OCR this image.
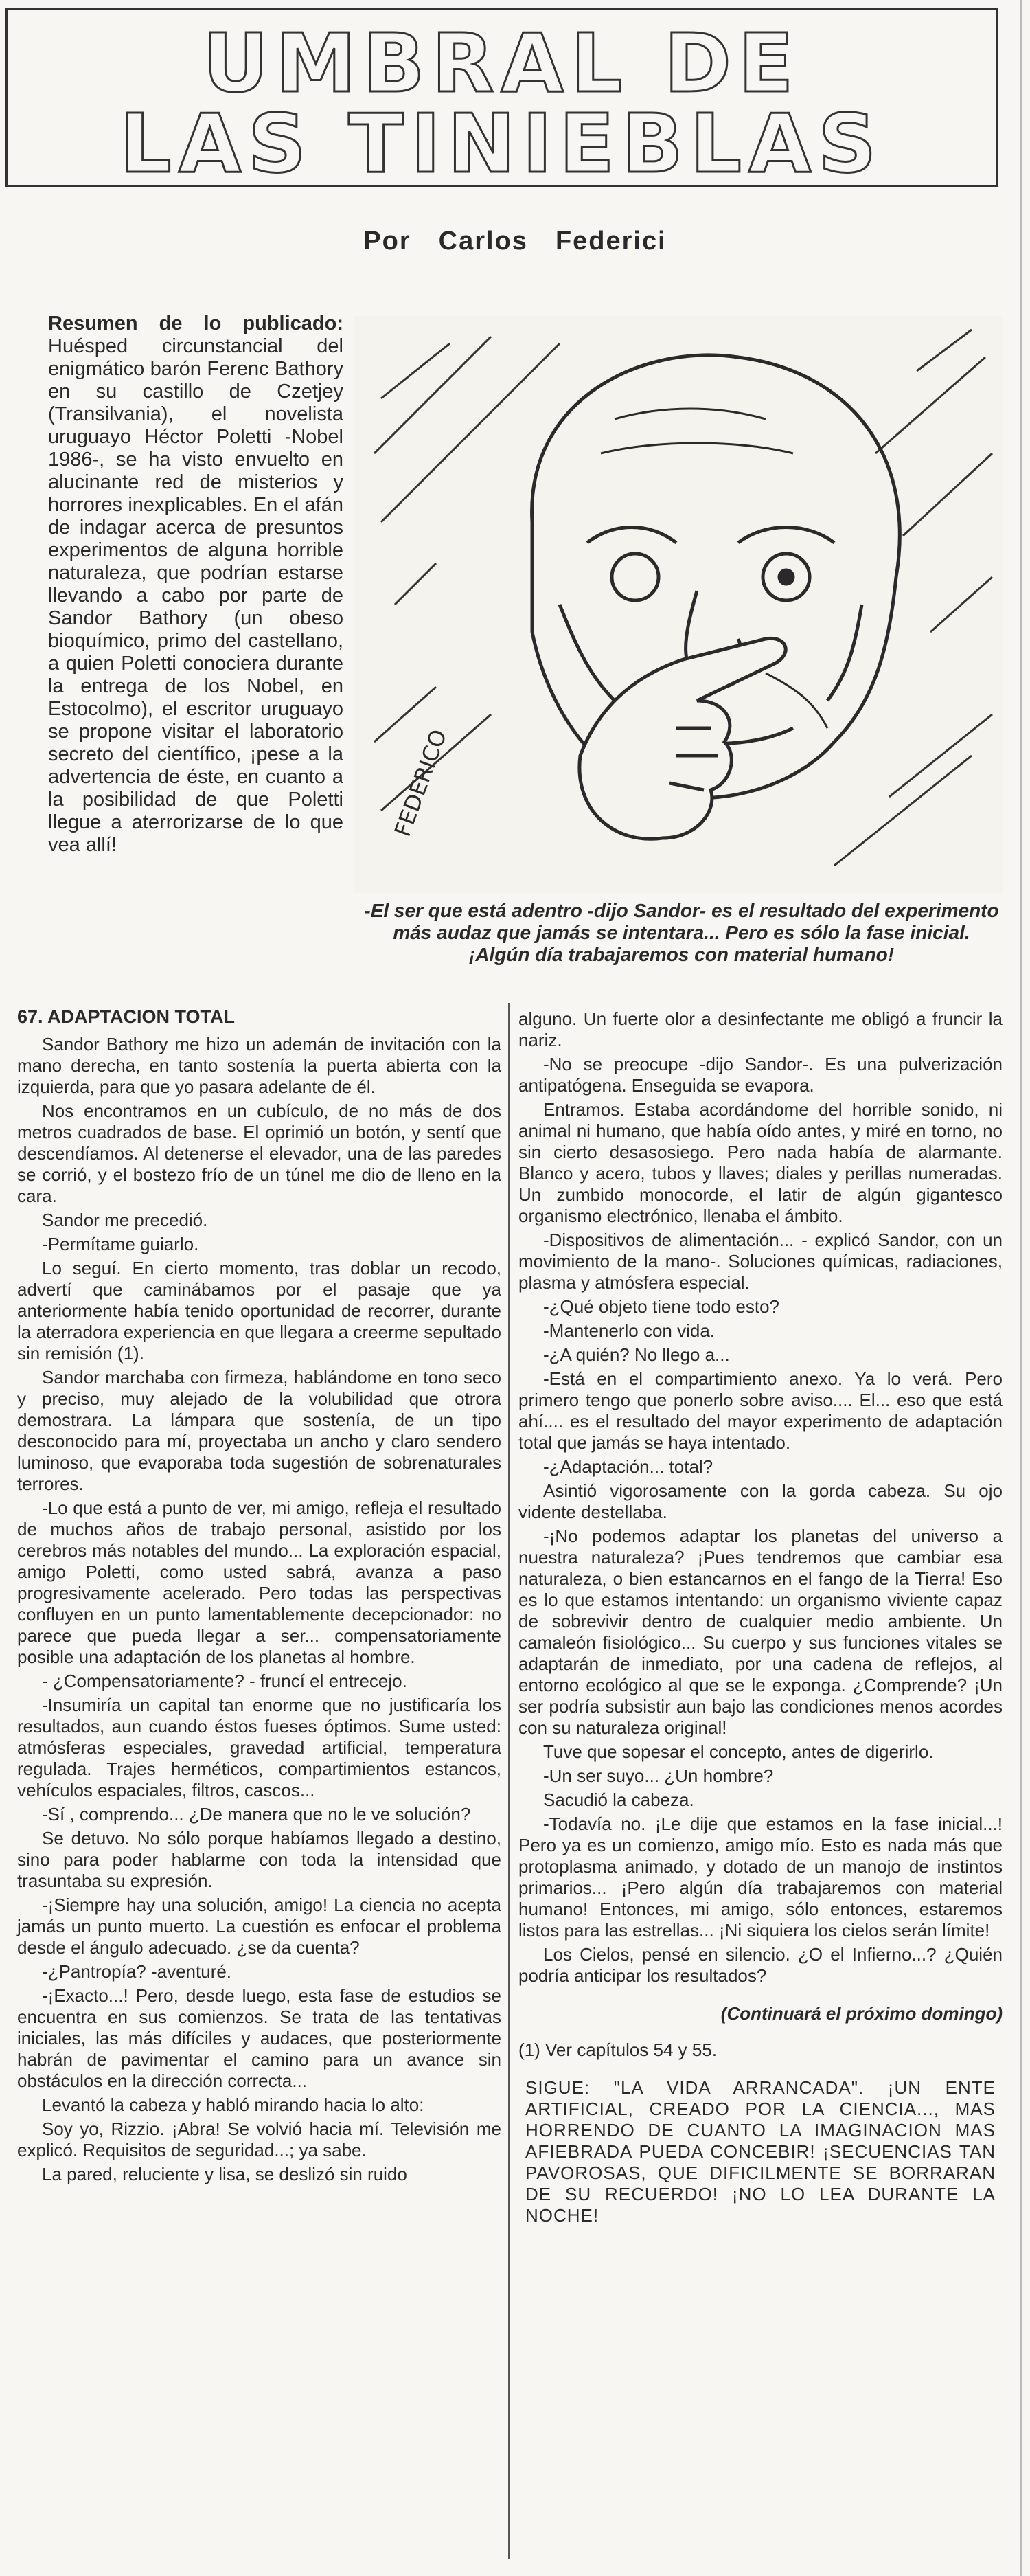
UMBRAL DE
LAS TINIEBLAS
Por Carlos Federici
Resumen de lo publicado: Huésped circunstancial del enigmático barón Ferenc Bathory en su castillo de Czetjey (Transilvania), el novelista uruguayo Héctor Poletti -Nobel 1986-, se ha visto envuelto en alucinante red de misterios y horrores inexplicables. En el afán de indagar acerca de presuntos experimentos de alguna horrible naturaleza, que podrían estarse llevando a cabo por parte de Sandor Bathory (un obeso bioquímico, primo del castellano, a quien Poletti conociera durante la entrega de los Nobel, en Estocolmo), el escritor uruguayo se propone visitar el laboratorio secreto del científico, ¡pese a la advertencia de éste, en cuanto a la posibilidad de que Poletti llegue a aterrorizarse de lo que vea allí!
FEDERICO
-El ser que está adentro -dijo Sandor- es el resultado del experimento más audaz que jamás se intentara... Pero es sólo la fase inicial. ¡Algún día trabajaremos con material humano!
67. ADAPTACION TOTAL

Sandor Bathory me hizo un ademán de invitación con la mano derecha, en tanto sostenía la puerta abierta con la izquierda, para que yo pasara adelante de él.

Nos encontramos en un cubículo, de no más de dos metros cuadrados de base. El oprimió un botón, y sentí que descendíamos. Al detenerse el elevador, una de las paredes se corrió, y el bostezo frío de un túnel me dio de lleno en la cara.

Sandor me precedió.

-Permítame guiarlo.

Lo seguí. En cierto momento, tras doblar un recodo, advertí que caminábamos por el pasaje que ya anteriormente había tenido oportunidad de recorrer, durante la aterradora experiencia en que llegara a creerme sepultado sin remisión (1).

Sandor marchaba con firmeza, hablándome en tono seco y preciso, muy alejado de la volubilidad que otrora demostrara. La lámpara que sostenía, de un tipo desconocido para mí, proyectaba un ancho y claro sendero luminoso, que evaporaba toda sugestión de sobrenaturales terrores.

-Lo que está a punto de ver, mi amigo, refleja el resultado de muchos años de trabajo personal, asistido por los cerebros más notables del mundo... La exploración espacial, amigo Poletti, como usted sabrá, avanza a paso progresivamente acelerado. Pero todas las perspectivas confluyen en un punto lamentablemente decepcionador: no parece que pueda llegar a ser... compensatoriamente posible una adaptación de los planetas al hombre.

- ¿Compensatoriamente? - fruncí el entrecejo.

-Insumiría un capital tan enorme que no justificaría los resultados, aun cuando éstos fueses óptimos. Sume usted: atmósferas especiales, gravedad artificial, temperatura regulada. Trajes herméticos, compartimientos estancos, vehículos espaciales, filtros, cascos...

-Sí , comprendo... ¿De manera que no le ve solución?

Se detuvo. No sólo porque habíamos llegado a destino, sino para poder hablarme con toda la intensidad que trasuntaba su expresión.

-¡Siempre hay una solución, amigo! La ciencia no acepta jamás un punto muerto. La cuestión es enfocar el problema desde el ángulo adecuado. ¿se da cuenta?

-¿Pantropía? -aventuré.

-¡Exacto...! Pero, desde luego, esta fase de estudios se encuentra en sus comienzos. Se trata de las tentativas iniciales, las más difíciles y audaces, que posteriormente habrán de pavimentar el camino para un avance sin obstáculos en la dirección correcta...

Levantó la cabeza y habló mirando hacia lo alto:

Soy yo, Rizzio. ¡Abra! Se volvió hacia mí. Televisión me explicó. Requisitos de seguridad...; ya sabe.

La pared, reluciente y lisa, se deslizó sin ruido

alguno. Un fuerte olor a desinfectante me obligó a fruncir la nariz.

-No se preocupe -dijo Sandor-. Es una pulverización antipatógena. Enseguida se evapora.

Entramos. Estaba acordándome del horrible sonido, ni animal ni humano, que había oído antes, y miré en torno, no sin cierto desasosiego. Pero nada había de alarmante. Blanco y acero, tubos y llaves; diales y perillas numeradas. Un zumbido monocorde, el latir de algún gigantesco organismo electrónico, llenaba el ámbito.

-Dispositivos de alimentación... - explicó Sandor, con un movimiento de la mano-. Soluciones químicas, radiaciones, plasma y atmósfera especial.

-¿Qué objeto tiene todo esto?

-Mantenerlo con vida.

-¿A quién? No llego a...

-Está en el compartimiento anexo. Ya lo verá. Pero primero tengo que ponerlo sobre aviso.... El... eso que está ahí.... es el resultado del mayor experimento de adaptación total que jamás se haya intentado.

-¿Adaptación... total?

Asintió vigorosamente con la gorda cabeza. Su ojo vidente destellaba.

-¡No podemos adaptar los planetas del universo a nuestra naturaleza? ¡Pues tendremos que cambiar esa naturaleza, o bien estancarnos en el fango de la Tierra! Eso es lo que estamos intentando: un organismo viviente capaz de sobrevivir dentro de cualquier medio ambiente. Un camaleón fisiológico... Su cuerpo y sus funciones vitales se adaptarán de inmediato, por una cadena de reflejos, al entorno ecológico al que se le exponga. ¿Comprende? ¡Un ser podría subsistir aun bajo las condiciones menos acordes con su naturaleza original!

Tuve que sopesar el concepto, antes de digerirlo.

-Un ser suyo... ¿Un hombre?

Sacudió la cabeza.

-Todavía no. ¡Le dije que estamos en la fase inicial...! Pero ya es un comienzo, amigo mío. Esto es nada más que protoplasma animado, y dotado de un manojo de instintos primarios... ¡Pero algún día trabajaremos con material humano! Entonces, mi amigo, sólo entonces, estaremos listos para las estrellas... ¡Ni siquiera los cielos serán límite!

Los Cielos, pensé en silencio. ¿O el Infierno...? ¿Quién podría anticipar los resultados?

(Continuará el próximo domingo)
(1) Ver capítulos 54 y 55.
SIGUE: "LA VIDA ARRANCADA". ¡UN ENTE ARTIFICIAL, CREADO POR LA CIENCIA..., MAS HORRENDO DE CUANTO LA IMAGINACION MAS AFIEBRADA PUEDA CONCEBIR! ¡SECUENCIAS TAN PAVOROSAS, QUE DIFICILMENTE SE BORRARAN DE SU RECUERDO! ¡NO LO LEA DURANTE LA NOCHE!
